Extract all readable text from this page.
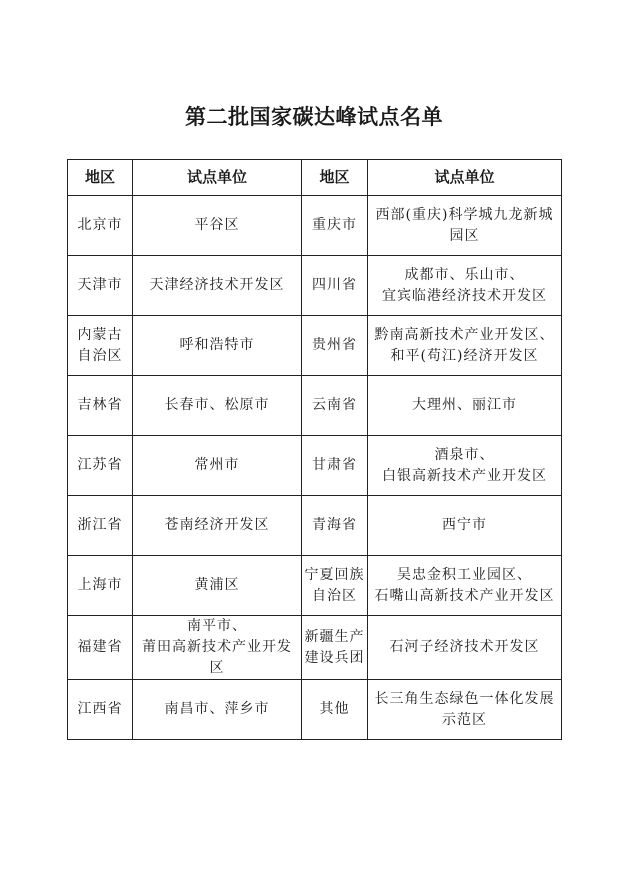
第二批国家碳达峰试点名单
地区	试点单位	地区	试点单位

北京市	平谷区	重庆市	西部(重庆)科学城九龙新城园区

天津市	天津经济技术开发区	四川省	成都市、乐山市、
宜宾临港经济技术开发区

内蒙古
自治区	呼和浩特市	贵州省	黔南高新技术产业开发区、
和平(苟江)经济开发区

吉林省	长春市、松原市	云南省	大理州、丽江市

江苏省	常州市	甘肃省	酒泉市、
白银高新技术产业开发区

浙江省	苍南经济开发区	青海省	西宁市

上海市	黄浦区	宁夏回族
自治区	吴忠金积工业园区、
石嘴山高新技术产业开发区

福建省	南平市、
莆田高新技术产业开发区	新疆生产
建设兵团	石河子经济技术开发区

江西省	南昌市、萍乡市	其他	长三角生态绿色一体化发展示范区
